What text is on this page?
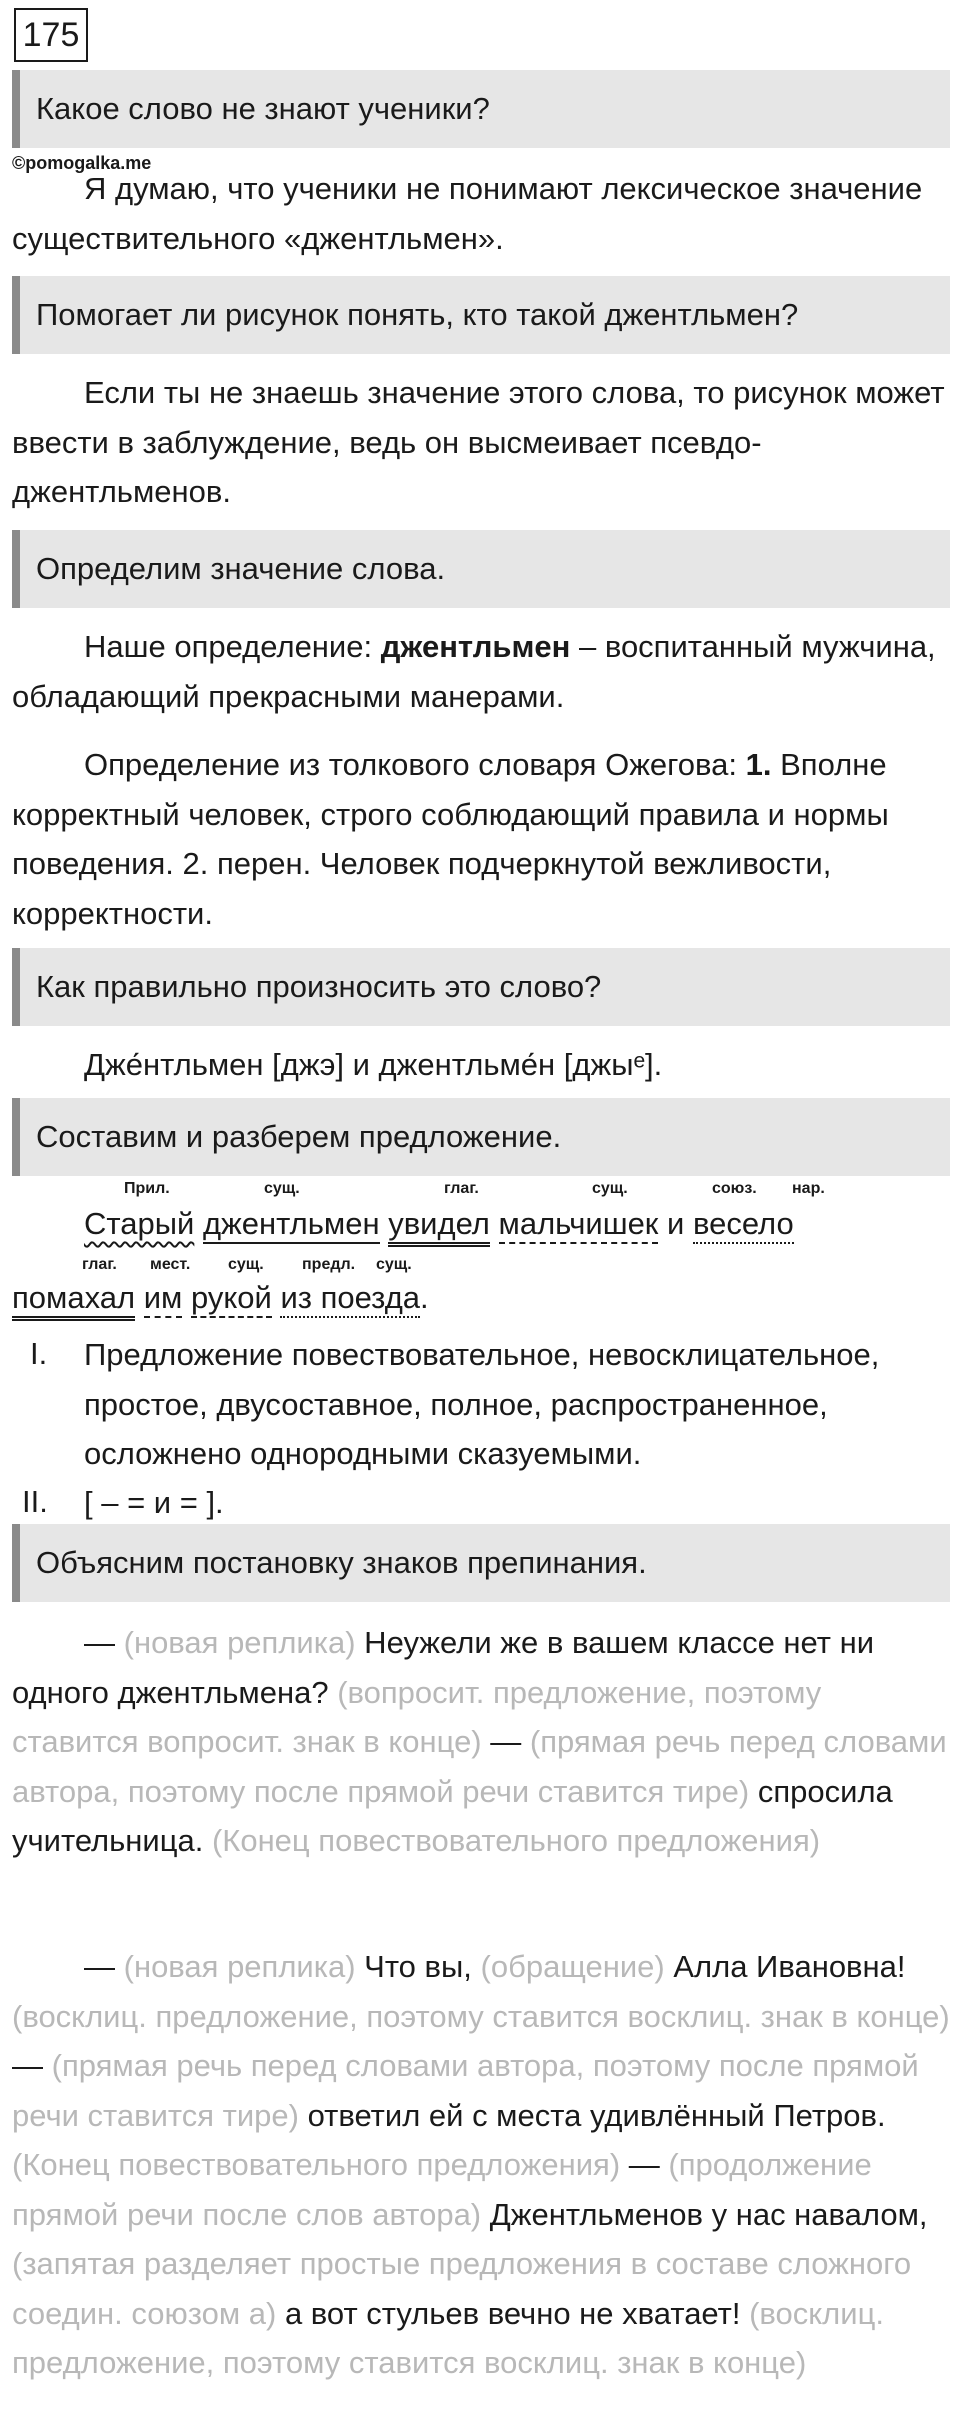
175
Какое слово не знают ученики?
©pomogalka.me
Я думаю, что ученики не понимают лексическое значение существительного «джентльмен».
Помогает ли рисунок понять, кто такой джентльмен?
Если ты не знаешь значение этого слова, то рисунок может ввести в заблуждение, ведь он высмеивает псевдо-джентльменов.
Определим значение слова.
Наше определение: джентльмен – воспитанный мужчина, обладающий прекрасными манерами.
Определение из толкового словаря Ожегова: 1. Вполне корректный человек, строго соблюдающий правила и нормы поведения. 2. перен. Человек подчеркнутой вежливости, корректности.
Как правильно произносить это слово?
Дже́нтльмен [джэ] и джентльме́н [джыᵉ].
Составим и разберем предложение.
Прил.	сущ.	глаг.	сущ.	союз. нар.
Старый джентльмен увидел мальчишек и весело
глаг. мест. сущ. предл. сущ.
помахал им рукой из поезда.
I. Предложение повествовательное, невосклицательное, простое, двусоставное, полное, распространенное, осложнено однородными сказуемыми.
II. [ – = и = ].
Объясним постановку знаков препинания.
— (новая реплика) Неужели же в вашем классе нет ни одного джентльмена? (вопросит. предложение, поэтому ставится вопросит. знак в конце) — (прямая речь перед словами автора, поэтому после прямой речи ставится тире) спросила учительница. (Конец повествовательного предложения)
— (новая реплика) Что вы, (обращение) Алла Ивановна! (восклиц. предложение, поэтому ставится восклиц. знак в конце) — (прямая речь перед словами автора, поэтому после прямой речи ставится тире) ответил ей с места удивлённый Петров. (Конец повествовательного предложения) — (продолжение прямой речи после слов автора) Джентльменов у нас навалом, (запятая разделяет простые предложения в составе сложного соедин. союзом а) а вот стульев вечно не хватает! (восклиц. предложение, поэтому ставится восклиц. знак в конце)
